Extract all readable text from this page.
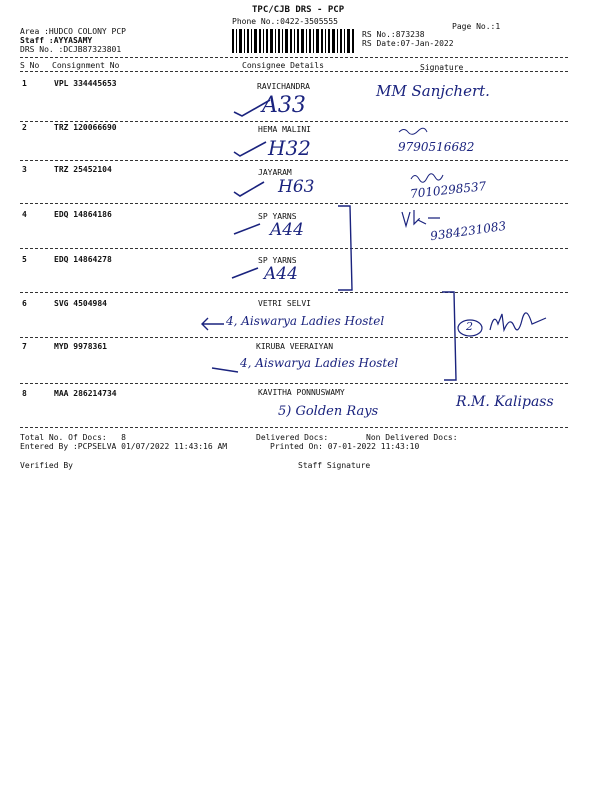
TPC/CJB DRS - PCP
Phone No.:0422-3505555
Area :HUDCO COLONY PCP
Staff :AYYASAMY
DRS No. :DCJB87323801
Page No.:1
RS No.:873238
RS Date:07-Jan-2022
S No Consignment No	Consignee Details	Signature
1	VPL 334445653	RAVICHANDRA
A33
MM Sanjchert.
2	TRZ 120066690	HEMA MALINI
H32	9790516682
3	TRZ 25452104	JAYARAM
H63	7010298537
4	EDQ 14864186	SP YARNS
A44	9384231083
5	EDQ 14864278	SP YARNS
A44
6	SVG 4504984	VETRI SELVI
4, Aiswarya Ladies Hostel	2
7	MYD 9978361	KIRUBA VEERAIYAN
4, Aiswarya Ladies Hostel
8	MAA 286214734	KAVITHA PONNUSWAMY
5) Golden Rays
R.M. Kalipass
Total No. Of Docs:   8	Delivered Docs:	Non Delivered Docs:
Entered By :PCPSELVA 01/07/2022 11:43:16 AM	Printed On: 07-01-2022 11:43:10
Verified By	Staff Signature
